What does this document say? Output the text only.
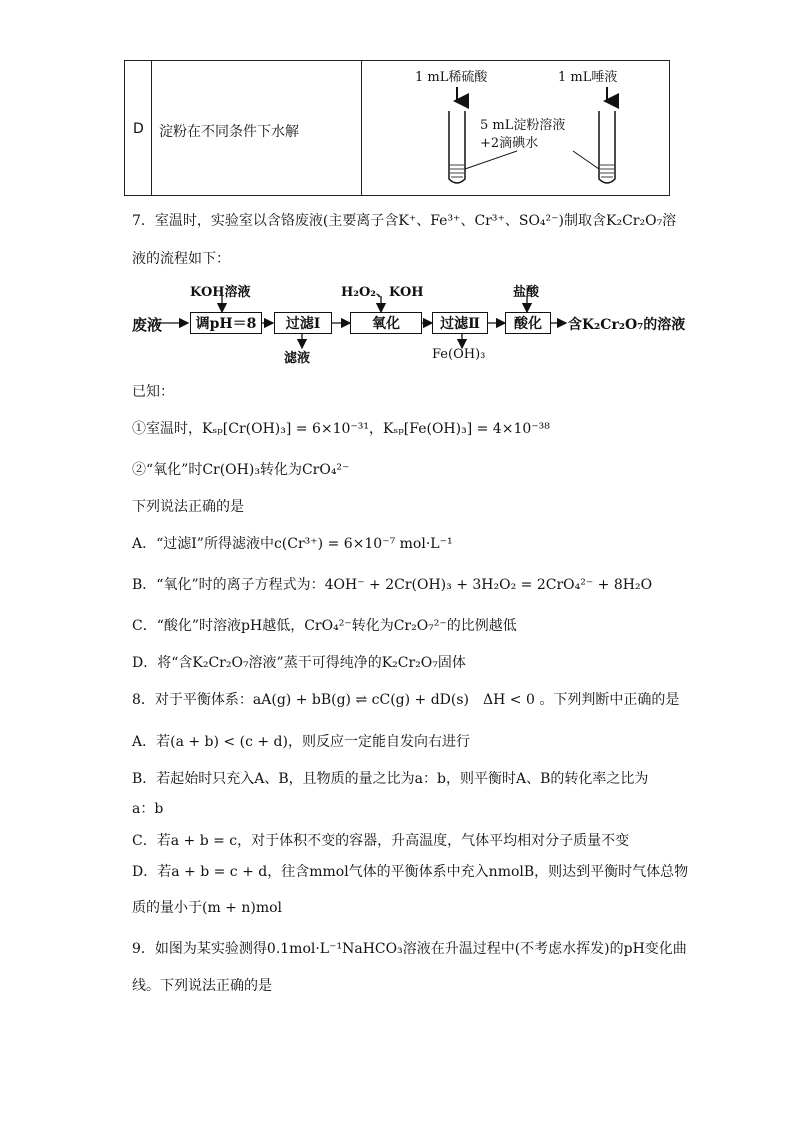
D 淀粉在不同条件下水解
1 mL稀硫酸	1 mL唾液
5 mL淀粉溶液
+2滴碘水
7．室温时，实验室以含铬废液(主要离子含K⁺、Fe³⁺、Cr³⁺、SO₄²⁻)制取含K₂Cr₂O₇溶
液的流程如下：
废液
KOH溶液
调pH＝8	过滤Ⅰ
滤液
H₂O₂、KOH
氧化	过滤Ⅱ
Fe(OH)₃
盐酸
酸化	含K₂Cr₂O₇的溶液
已知：
①室温时，Kₛₚ[Cr(OH)₃] = 6×10⁻³¹，Kₛₚ[Fe(OH)₃] = 4×10⁻³⁸
②“氧化”时Cr(OH)₃转化为CrO₄²⁻
下列说法正确的是
A．“过滤Ⅰ”所得滤液中c(Cr³⁺) = 6×10⁻⁷ mol·L⁻¹
B．“氧化”时的离子方程式为：4OH⁻ + 2Cr(OH)₃ + 3H₂O₂ = 2CrO₄²⁻ + 8H₂O
C．“酸化”时溶液pH越低，CrO₄²⁻转化为Cr₂O₇²⁻的比例越低
D．将“含K₂Cr₂O₇溶液”蒸干可得纯净的K₂Cr₂O₇固体
8．对于平衡体系：aA(g) + bB(g) ⇌ cC(g) + dD(s)　ΔH < 0 。下列判断中正确的是
A．若(a + b) < (c + d)，则反应一定能自发向右进行
B．若起始时只充入A、B，且物质的量之比为a：b，则平衡时A、B的转化率之比为
a：b
C．若a + b = c，对于体积不变的容器，升高温度，气体平均相对分子质量不变
D．若a + b = c + d，往含mmol气体的平衡体系中充入nmolB，则达到平衡时气体总物
质的量小于(m + n)mol
9．如图为某实验测得0.1mol·L⁻¹NaHCO₃溶液在升温过程中(不考虑水挥发)的pH变化曲
线。下列说法正确的是
